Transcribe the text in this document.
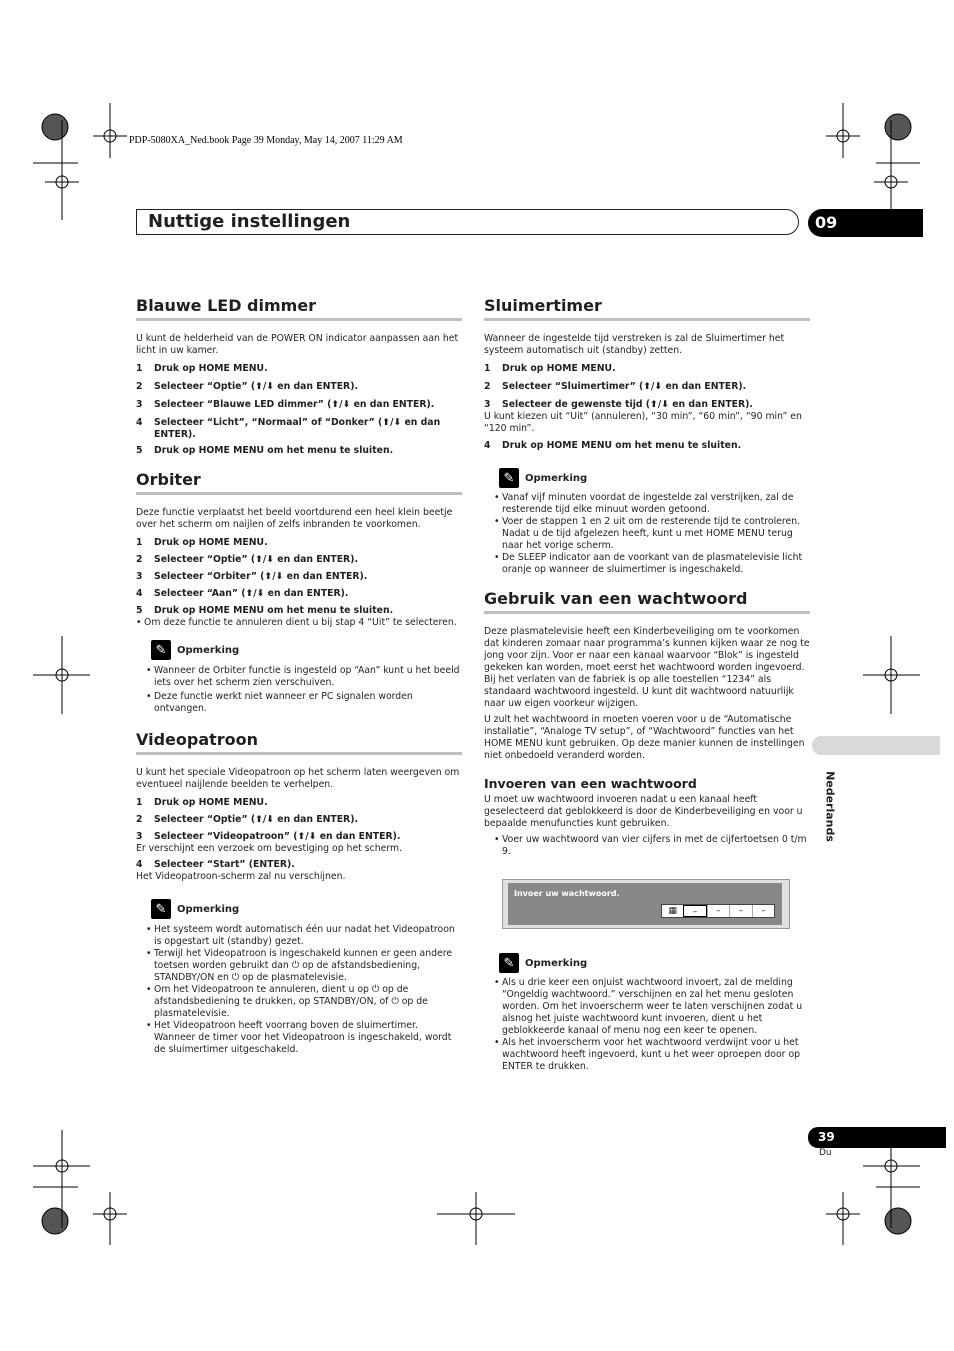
PDP-5080XA_Ned.book Page 39 Monday, May 14, 2007 11:29 AM
Nuttige instellingen	09
Nederlands
Blauwe LED dimmer

U kunt de helderheid van de POWER ON indicator aanpassen aan het licht in uw kamer.

1	Druk op HOME MENU.

2	Selecteer “Optie” (⬆/⬇ en dan ENTER).

3	Selecteer “Blauwe LED dimmer” (⬆/⬇ en dan ENTER).

4	Selecteer “Licht”, “Normaal” of “Donker” (⬆/⬇ en dan ENTER).

5	Druk op HOME MENU om het menu te sluiten.

Orbiter

Deze functie verplaatst het beeld voortdurend een heel klein beetje over het scherm om naijlen of zelfs inbranden te voorkomen.

1	Druk op HOME MENU.

2	Selecteer “Optie” (⬆/⬇ en dan ENTER).

3	Selecteer “Orbiter” (⬆/⬇ en dan ENTER).

4	Selecteer “Aan” (⬆/⬇ en dan ENTER).

5	Druk op HOME MENU om het menu te sluiten.

• Om deze functie te annuleren dient u bij stap 4 “Uit” te selecteren.

✎	Opmerking

• Wanneer de Orbiter functie is ingesteld op “Aan” kunt u het beeld iets over het scherm zien verschuiven.

• Deze functie werkt niet wanneer er PC signalen worden ontvangen.

Videopatroon

U kunt het speciale Videopatroon op het scherm laten weergeven om eventueel naijlende beelden te verhelpen.

1	Druk op HOME MENU.

2	Selecteer “Optie” (⬆/⬇ en dan ENTER).

3	Selecteer “Videopatroon” (⬆/⬇ en dan ENTER).

Er verschijnt een verzoek om bevestiging op het scherm.

4	Selecteer “Start” (ENTER).

Het Videopatroon-scherm zal nu verschijnen.

✎	Opmerking

• Het systeem wordt automatisch één uur nadat het Videopatroon is opgestart uit (standby) gezet.

• Terwijl het Videopatroon is ingeschakeld kunnen er geen andere toetsen worden gebruikt dan ⏻ op de afstandsbediening, STANDBY/ON en ⏻ op de plasmatelevisie.

• Om het Videopatroon te annuleren, dient u op ⏻ op de afstandsbediening te drukken, op STANDBY/ON, of ⏻ op de plasmatelevisie.

• Het Videopatroon heeft voorrang boven de sluimertimer. Wanneer de timer voor het Videopatroon is ingeschakeld, wordt de sluimertimer uitgeschakeld.

Sluimertimer

Wanneer de ingestelde tijd verstreken is zal de Sluimertimer het systeem automatisch uit (standby) zetten.

1	Druk op HOME MENU.

2	Selecteer “Sluimertimer” (⬆/⬇ en dan ENTER).

3	Selecteer de gewenste tijd (⬆/⬇ en dan ENTER).

U kunt kiezen uit “Uit” (annuleren), “30 min”, “60 min”, “90 min” en “120 min”.

4	Druk op HOME MENU om het menu te sluiten.

✎	Opmerking

• Vanaf vijf minuten voordat de ingestelde zal verstrijken, zal de resterende tijd elke minuut worden getoond.

• Voer de stappen 1 en 2 uit om de resterende tijd te controleren. Nadat u de tijd afgelezen heeft, kunt u met HOME MENU terug naar het vorige scherm.

• De SLEEP indicator aan de voorkant van de plasmatelevisie licht oranje op wanneer de sluimertimer is ingeschakeld.

Gebruik van een wachtwoord

Deze plasmatelevisie heeft een Kinderbeveiliging om te voorkomen dat kinderen zomaar naar programma’s kunnen kijken waar ze nog te jong voor zijn. Voor er naar een kanaal waarvoor “Blok” is ingesteld gekeken kan worden, moet eerst het wachtwoord worden ingevoerd. Bij het verlaten van de fabriek is op alle toestellen “1234” als standaard wachtwoord ingesteld. U kunt dit wachtwoord natuurlijk naar uw eigen voorkeur wijzigen.

U zult het wachtwoord in moeten voeren voor u de “Automatische installatie”, “Analoge TV setup”, of “Wachtwoord” functies van het HOME MENU kunt gebruiken. Op deze manier kunnen de instellingen niet onbedoeld veranderd worden.

Invoeren van een wachtwoord

U moet uw wachtwoord invoeren nadat u een kanaal heeft geselecteerd dat geblokkeerd is door de Kinderbeveiliging en voor u bepaalde menufuncties kunt gebruiken.

• Voer uw wachtwoord van vier cijfers in met de cijfertoetsen 0 t/m 9.

Invoer uw wachtwoord.
▦	–	–	–	–
✎	Opmerking

• Als u drie keer een onjuist wachtwoord invoert, zal de melding “Ongeldig wachtwoord.” verschijnen en zal het menu gesloten worden. Om het invoerscherm weer te laten verschijnen zodat u alsnog het juiste wachtwoord kunt invoeren, dient u het geblokkeerde kanaal of menu nog een keer te openen.

• Als het invoerscherm voor het wachtwoord verdwijnt voor u het wachtwoord heeft ingevoerd, kunt u het weer oproepen door op ENTER te drukken.

39
Du
